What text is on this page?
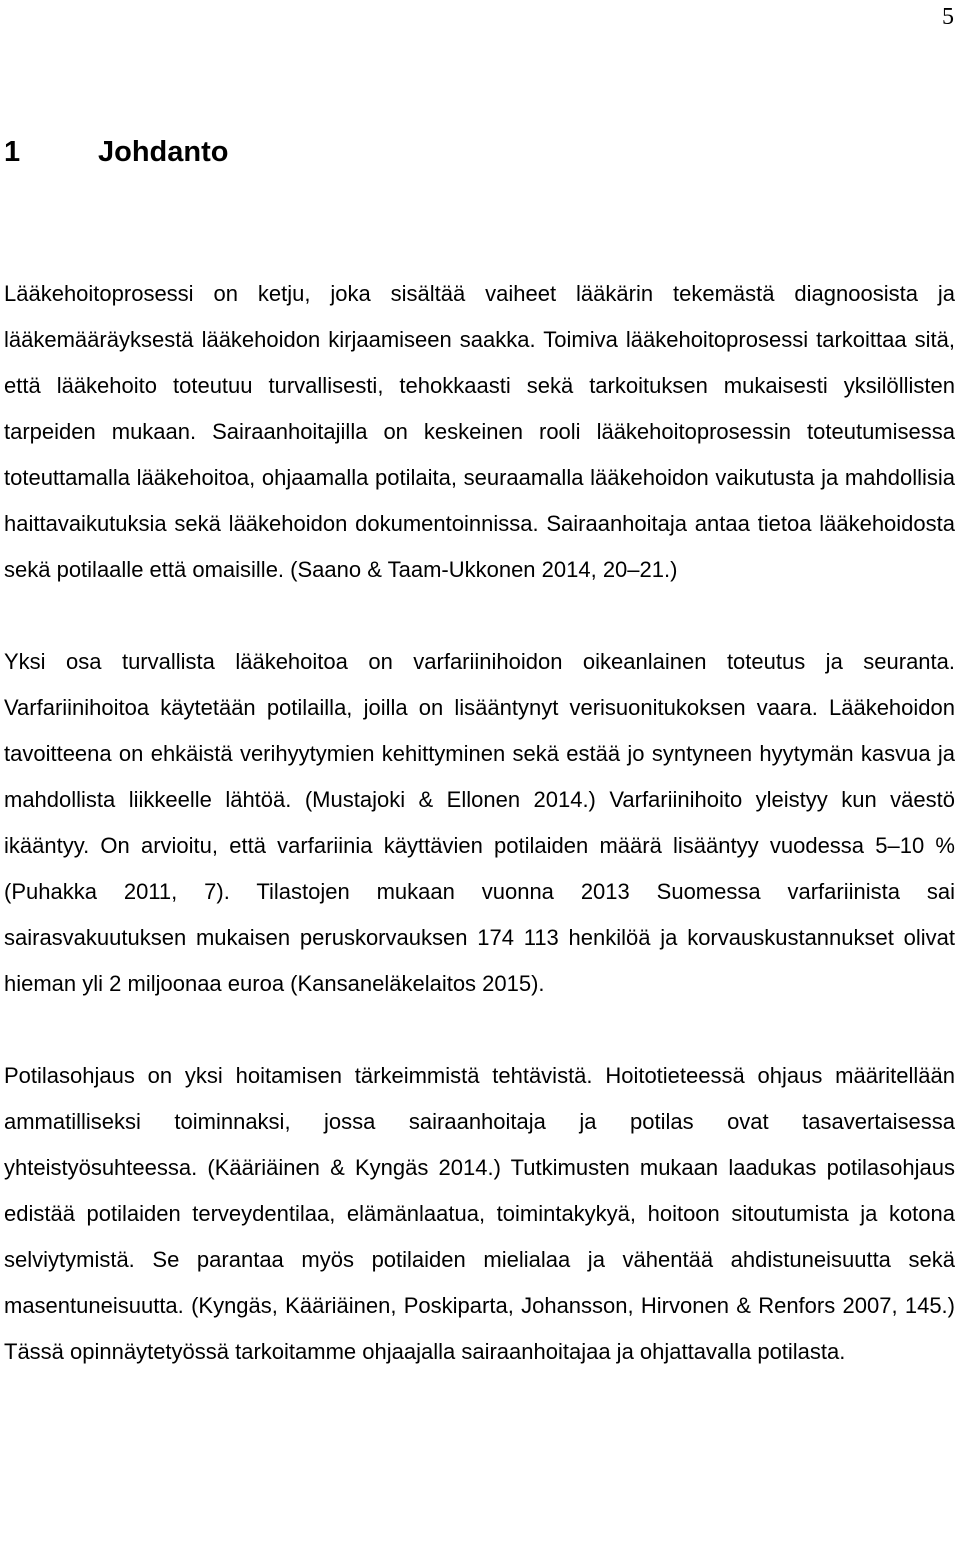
5
1	Johdanto

Lääkehoitoprosessi on ketju, joka sisältää vaiheet lääkärin tekemästä diagnoosista ja lääkemääräyksestä lääkehoidon kirjaamiseen saakka. Toimiva lääkehoitoprosessi tarkoittaa sitä, että lääkehoito toteutuu turvallisesti, tehokkaasti sekä tarkoituksen mukaisesti yksilöllisten tarpeiden mukaan. Sairaanhoitajilla on keskeinen rooli lääkehoitoprosessin toteutumisessa toteuttamalla lääkehoitoa, ohjaamalla potilaita, seuraamalla lääkehoidon vaikutusta ja mahdollisia haittavaikutuksia sekä lääkehoidon dokumentoinnissa. Sairaanhoitaja antaa tietoa lääkehoidosta sekä potilaalle että omaisille. (Saano & Taam-Ukkonen 2014, 20–21.)

Yksi osa turvallista lääkehoitoa on varfariinihoidon oikeanlainen toteutus ja seuranta. Varfariinihoitoa käytetään potilailla, joilla on lisääntynyt verisuonitukoksen vaara. Lääkehoidon tavoitteena on ehkäistä verihyytymien kehittyminen sekä estää jo syntyneen hyytymän kasvua ja mahdollista liikkeelle lähtöä. (Mustajoki & Ellonen 2014.) Varfariinihoito yleistyy kun väestö ikääntyy. On arvioitu, että varfariinia käyttävien potilaiden määrä lisääntyy vuodessa 5–10 % (Puhakka 2011, 7). Tilastojen mukaan vuonna 2013 Suomessa varfariinista sai sairasvakuutuksen mukaisen peruskorvauksen 174 113 henkilöä ja korvauskustannukset olivat hieman yli 2 miljoonaa euroa (Kansaneläkelaitos 2015).

Potilasohjaus on yksi hoitamisen tärkeimmistä tehtävistä. Hoitotieteessä ohjaus määritellään ammatilliseksi toiminnaksi, jossa sairaanhoitaja ja potilas ovat tasavertaisessa yhteistyösuhteessa. (Kääriäinen & Kyngäs 2014.) Tutkimusten mukaan laadukas potilasohjaus edistää potilaiden terveydentilaa, elämänlaatua, toimintakykyä, hoitoon sitoutumista ja kotona selviytymistä. Se parantaa myös potilaiden mielialaa ja vähentää ahdistuneisuutta sekä masentuneisuutta. (Kyngäs, Kääriäinen, Poskiparta, Johansson, Hirvonen & Renfors 2007, 145.) Tässä opinnäytetyössä tarkoitamme ohjaajalla sairaanhoitajaa ja ohjattavalla potilasta.
